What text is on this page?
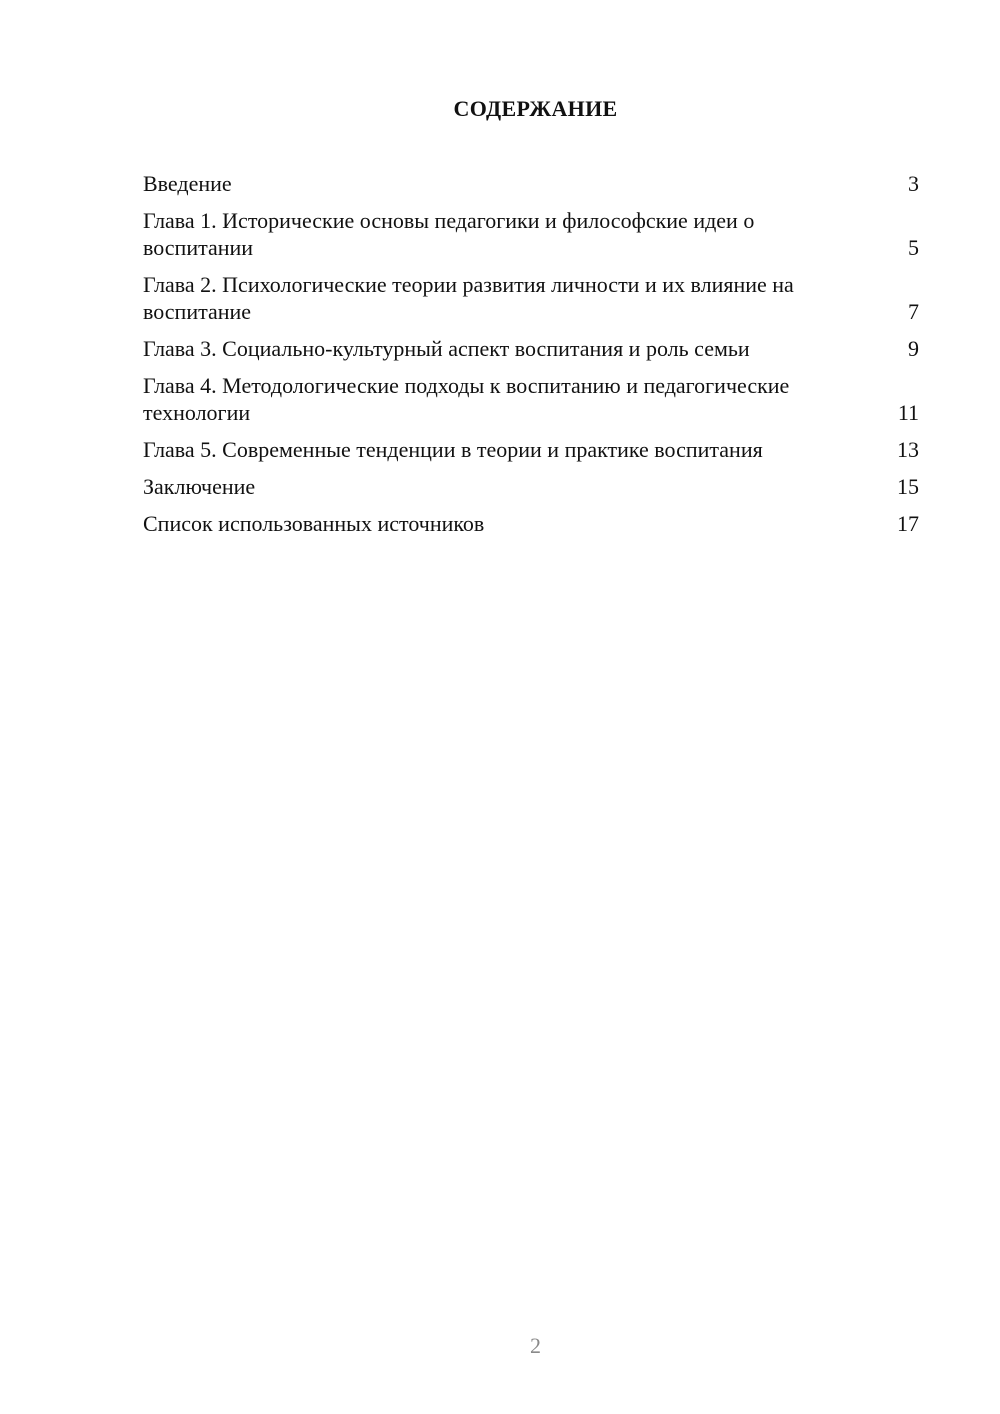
СОДЕРЖАНИЕ
Введение	3
Глава 1. Исторические основы педагогики и философские идеи о воспитании	5
Глава 2. Психологические теории развития личности и их влияние на воспитание	7
Глава 3. Социально-культурный аспект воспитания и роль семьи	9
Глава 4. Методологические подходы к воспитанию и педагогические технологии	11
Глава 5. Современные тенденции в теории и практике воспитания	13
Заключение	15
Список использованных источников	17
2
